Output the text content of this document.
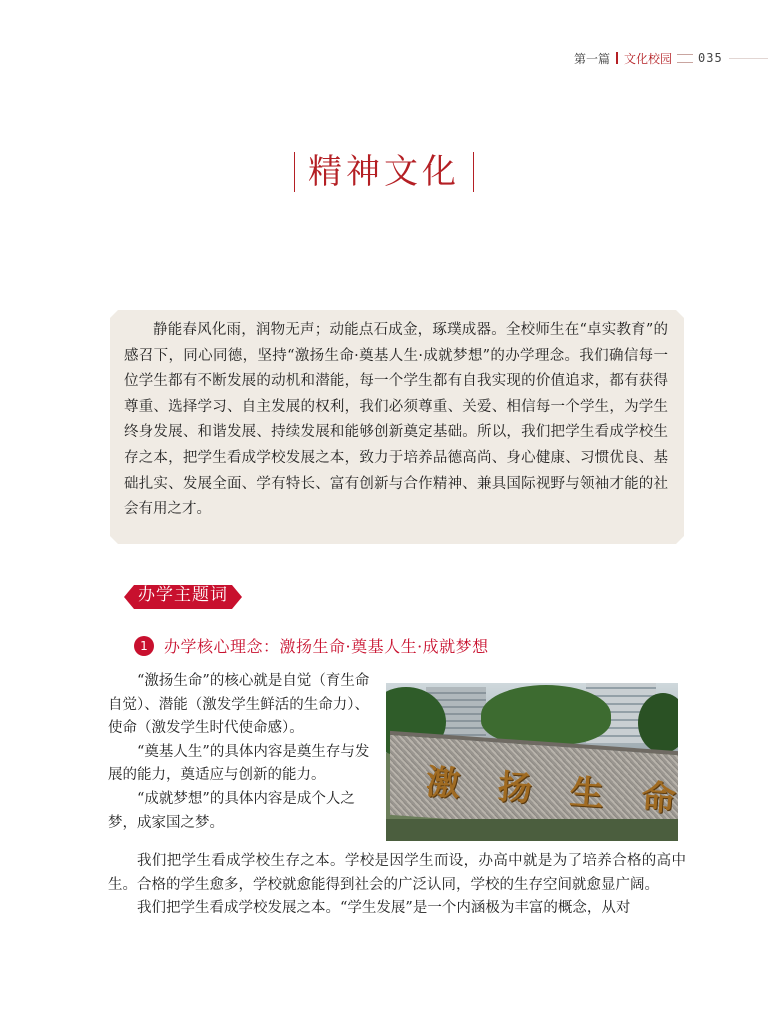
第一篇 文化校园 035
精神文化
静能春风化雨，润物无声；动能点石成金，琢璞成器。全校师生在“卓实教育”的感召下，同心同德，坚持“激扬生命·奠基人生·成就梦想”的办学理念。我们确信每一位学生都有不断发展的动机和潜能，每一个学生都有自我实现的价值追求，都有获得尊重、选择学习、自主发展的权利，我们必须尊重、关爱、相信每一个学生，为学生终身发展、和谐发展、持续发展和能够创新奠定基础。所以，我们把学生看成学校生存之本，把学生看成学校发展之本，致力于培养品德高尚、身心健康、习惯优良、基础扎实、发展全面、学有特长、富有创新与合作精神、兼具国际视野与领袖才能的社会有用之才。
办学主题词
1	办学核心理念：激扬生命·奠基人生·成就梦想

“激扬生命”的核心就是自觉（育生命自觉）、潜能（激发学生鲜活的生命力）、使命（激发学生时代使命感）。

“奠基人生”的具体内容是奠生存与发展的能力，奠适应与创新的能力。

“成就梦想”的具体内容是成个人之梦，成家国之梦。

激 扬 生 命

我们把学生看成学校生存之本。学校是因学生而设，办高中就是为了培养合格的高中生。合格的学生愈多，学校就愈能得到社会的广泛认同，学校的生存空间就愈显广阔。

我们把学生看成学校发展之本。“学生发展”是一个内涵极为丰富的概念，从对
